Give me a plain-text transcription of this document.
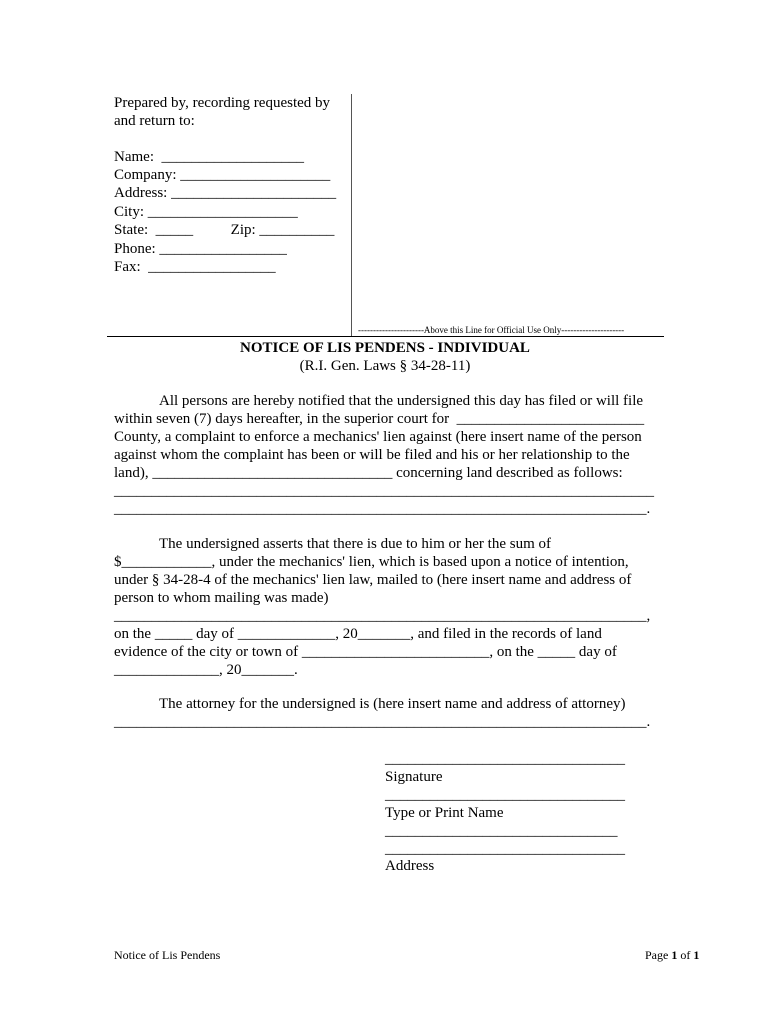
Prepared by, recording requested by
and return to:
Name:  ___________________
Company: ____________________
Address: ______________________
City: ____________________
State:  _____          Zip: __________
Phone: _________________
Fax:  _________________
----------------------Above this Line for Official Use Only---------------------
NOTICE OF LIS PENDENS - INDIVIDUAL
(R.I. Gen. Laws § 34-28-11)
All persons are hereby notified that the undersigned this day has filed or will file
within seven (7) days hereafter, in the superior court for  _________________________
County, a complaint to enforce a mechanics' lien against (here insert name of the person
against whom the complaint has been or will be filed and his or her relationship to the
land), ________________________________ concerning land described as follows:
________________________________________________________________________
_______________________________________________________________________.
The undersigned asserts that there is due to him or her the sum of
$____________, under the mechanics' lien, which is based upon a notice of intention,
under § 34-28-4 of the mechanics' lien law, mailed to (here insert name and address of
person to whom mailing was made)
_______________________________________________________________________,
on the _____ day of _____________, 20_______, and filed in the records of land
evidence of the city or town of _________________________, on the _____ day of
______________, 20_______.
The attorney for the undersigned is (here insert name and address of attorney)
_______________________________________________________________________.
________________________________
Signature
________________________________
Type or Print Name
_______________________________
________________________________
Address
Notice of Lis Pendens	Page 1 of 1
